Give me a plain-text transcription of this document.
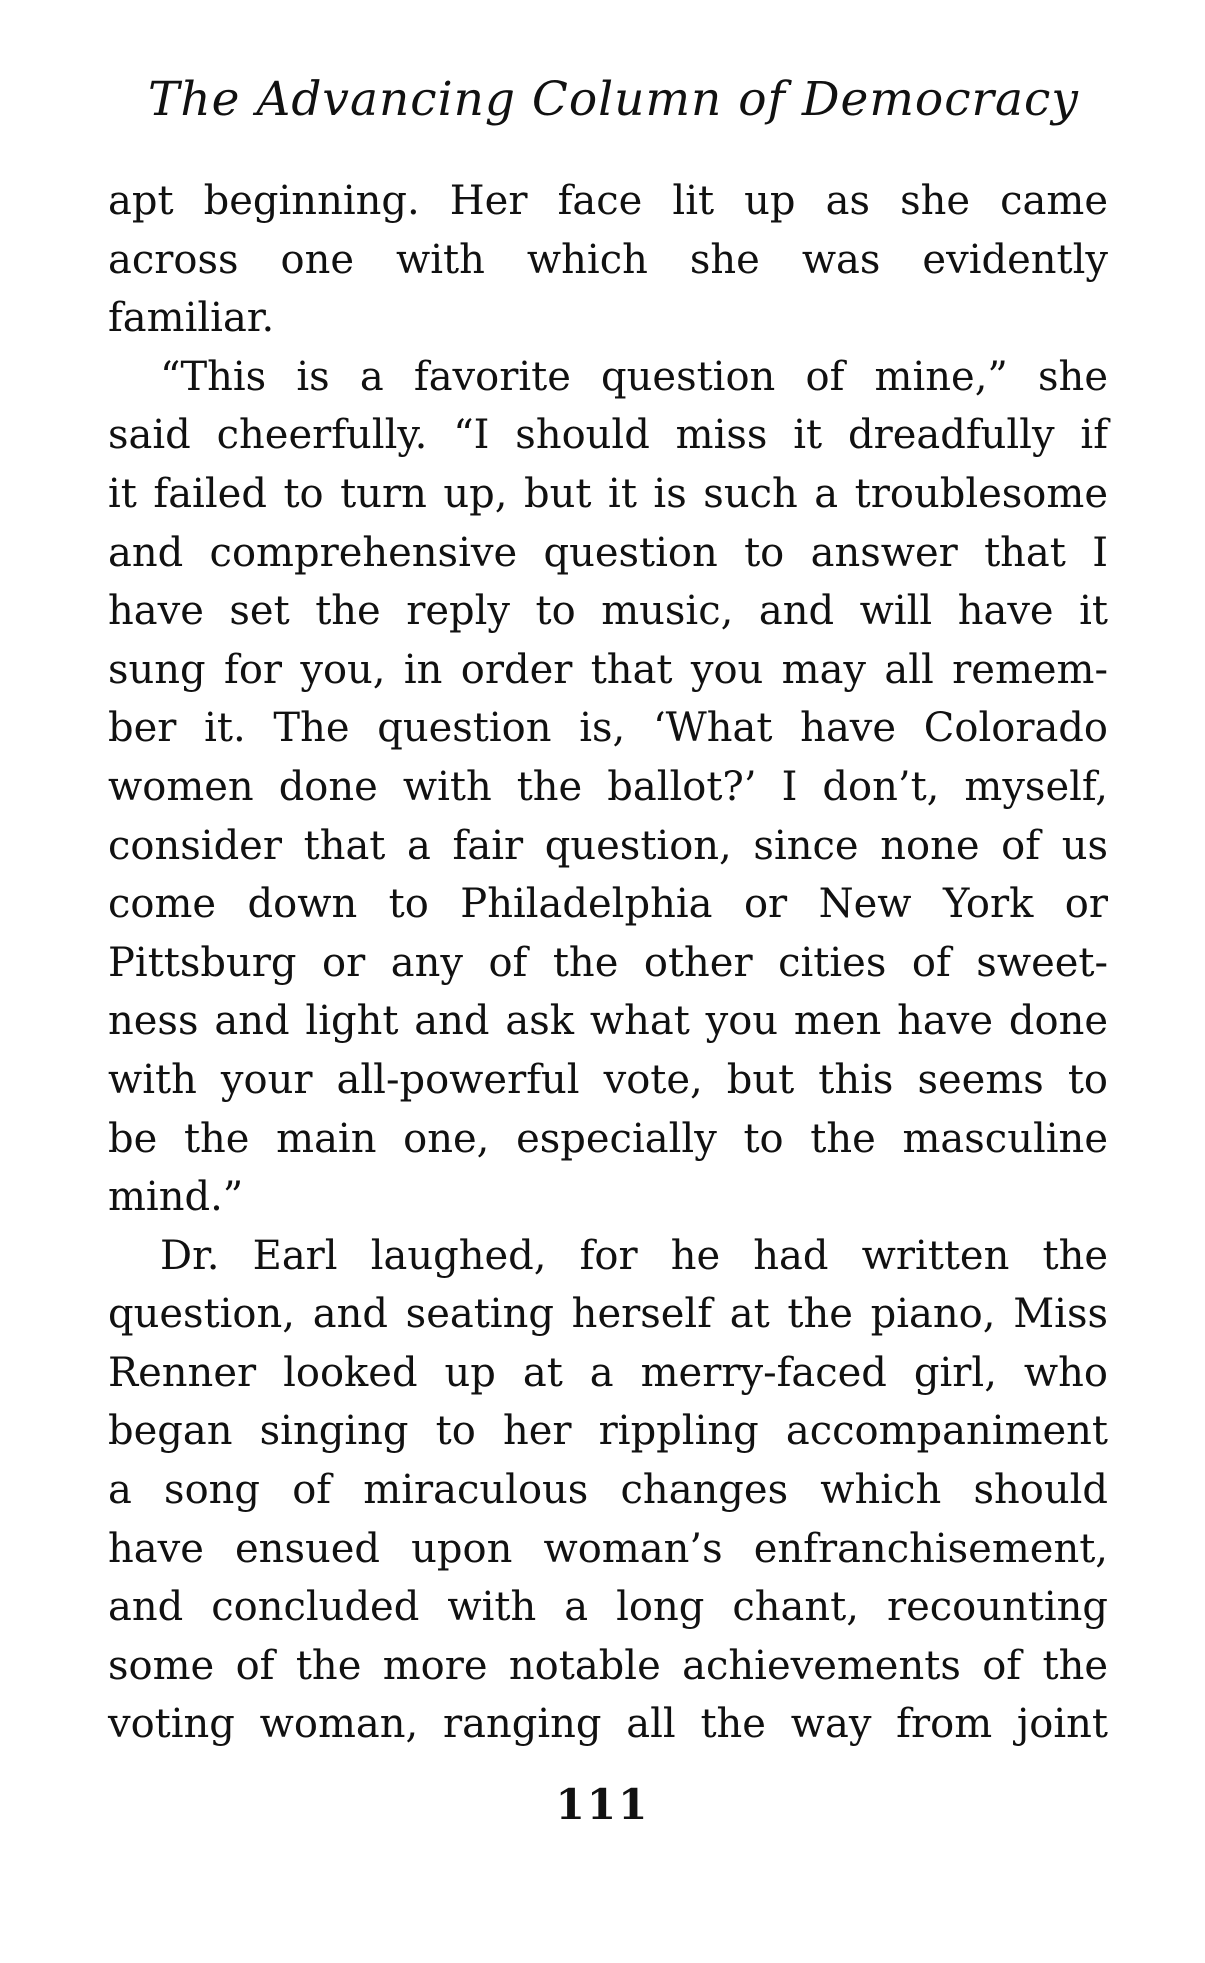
The Advancing Column of Democracy
apt beginning. Her face lit up as she came
across one with which she was evidently
familiar.
“This is a favorite question of mine,” she
said cheerfully. “I should miss it dreadfully if
it failed to turn up, but it is such a troublesome
and comprehensive question to answer that I
have set the reply to music, and will have it
sung for you, in order that you may all remem-
ber it. The question is, ‘What have Colorado
women done with the ballot?’ I don’t, myself,
consider that a fair question, since none of us
come down to Philadelphia or New York or
Pittsburg or any of the other cities of sweet-
ness and light and ask what you men have done
with your all-powerful vote, but this seems to
be the main one, especially to the masculine
mind.”
Dr. Earl laughed, for he had written the
question, and seating herself at the piano, Miss
Renner looked up at a merry-faced girl, who
began singing to her rippling accompaniment
a song of miraculous changes which should
have ensued upon woman’s enfranchisement,
and concluded with a long chant, recounting
some of the more notable achievements of the
voting woman, ranging all the way from joint
111
